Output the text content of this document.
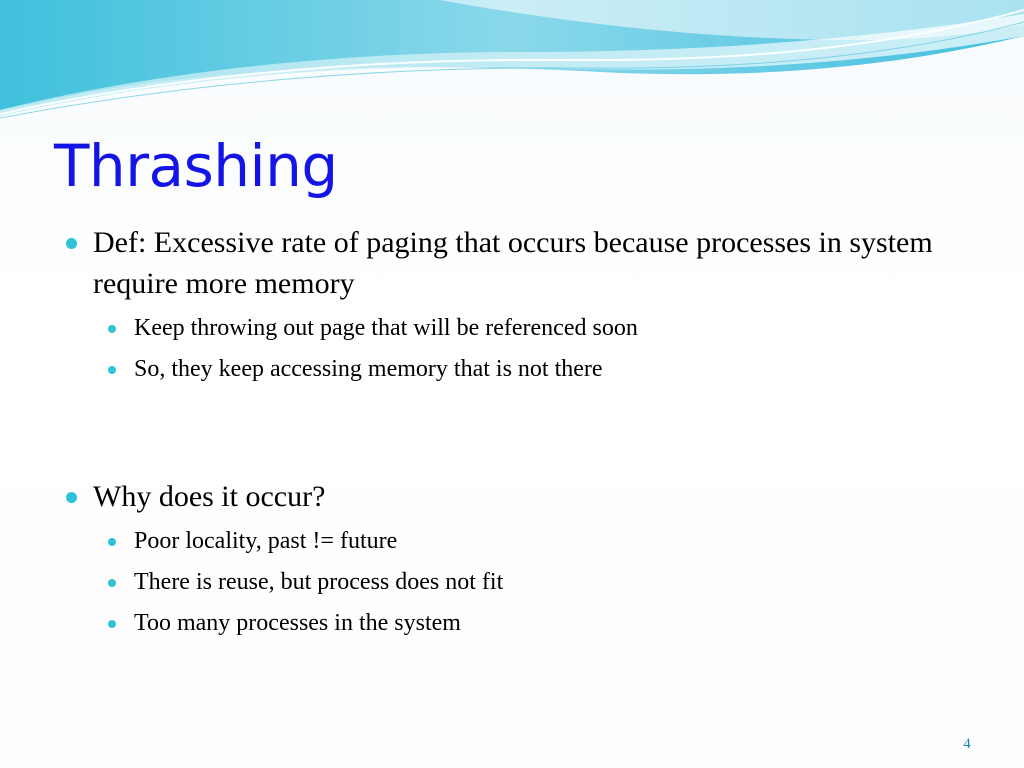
Thrashing

Def: Excessive rate of paging that occurs because processes in system require more memory

Keep throwing out page that will be referenced soon

So, they keep accessing memory that is not there

Why does it occur?

Poor locality, past != future

There is reuse, but process does not fit

Too many processes in the system

4
